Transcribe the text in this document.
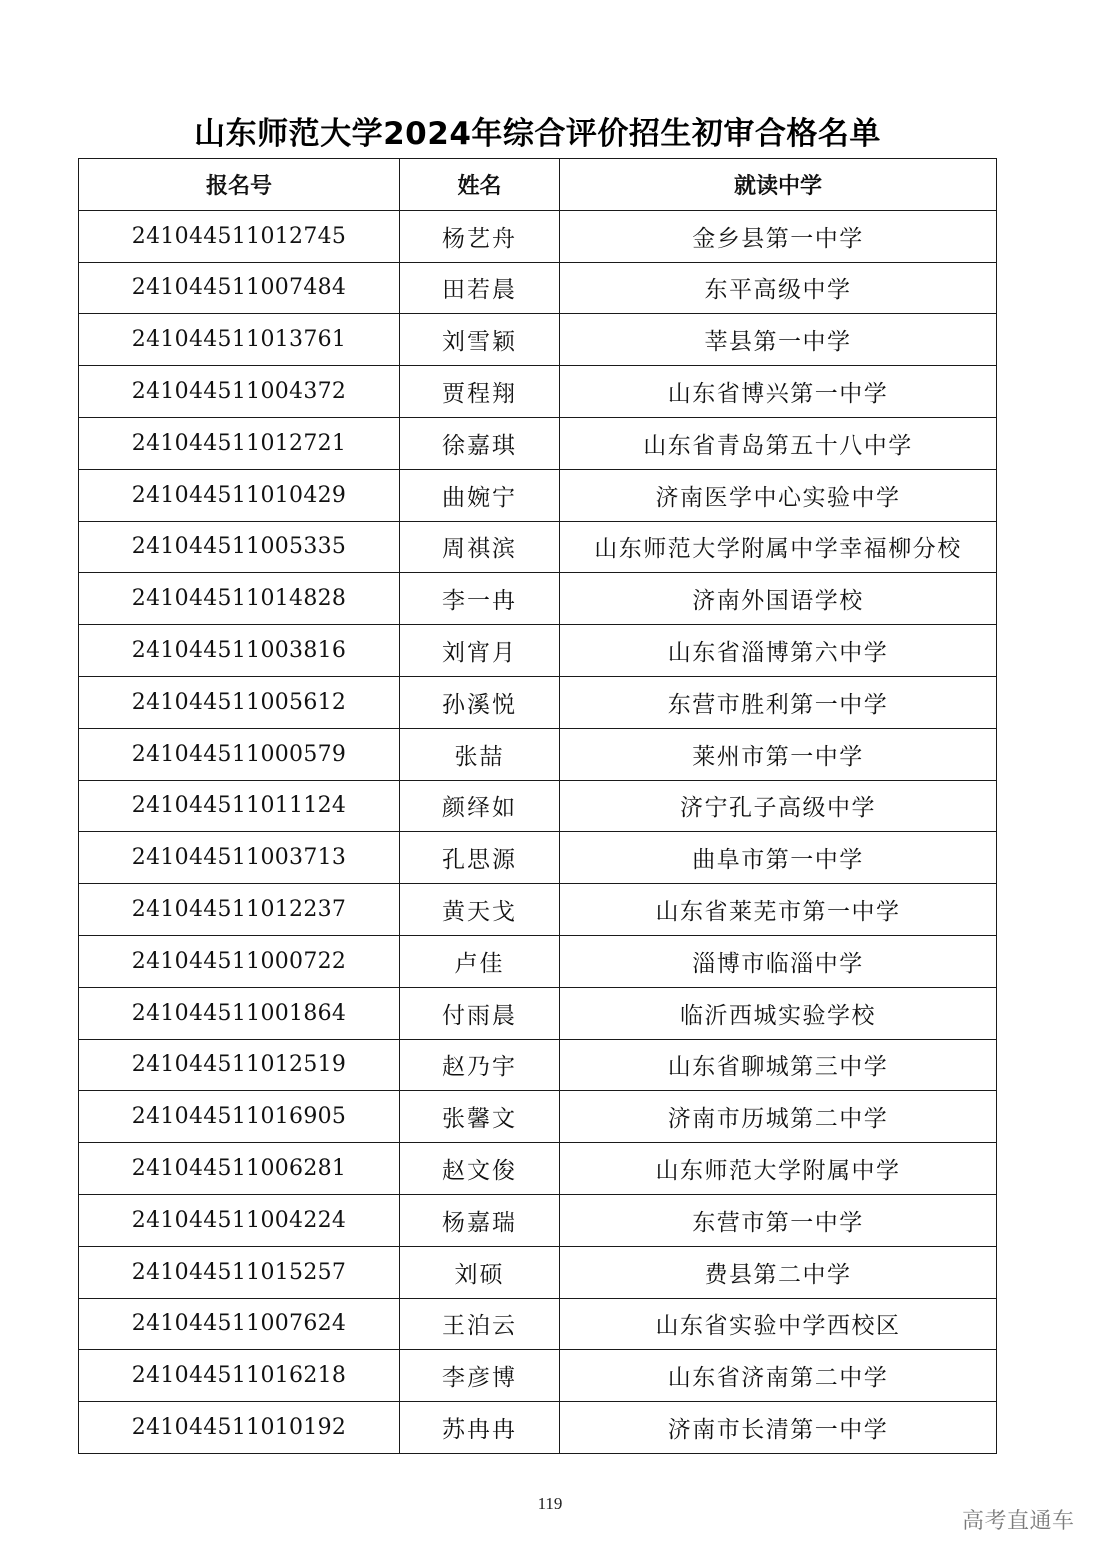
山东师范大学2024年综合评价招生初审合格名单
报名号	姓名	就读中学
241044511012745	杨艺舟	金乡县第一中学
241044511007484	田若晨	东平高级中学
241044511013761	刘雪颖	莘县第一中学
241044511004372	贾程翔	山东省博兴第一中学
241044511012721	徐嘉琪	山东省青岛第五十八中学
241044511010429	曲婉宁	济南医学中心实验中学
241044511005335	周祺滨	山东师范大学附属中学幸福柳分校
241044511014828	李一冉	济南外国语学校
241044511003816	刘宵月	山东省淄博第六中学
241044511005612	孙溪悦	东营市胜利第一中学
241044511000579	张喆	莱州市第一中学
241044511011124	颜绎如	济宁孔子高级中学
241044511003713	孔思源	曲阜市第一中学
241044511012237	黄天戈	山东省莱芜市第一中学
241044511000722	卢佳	淄博市临淄中学
241044511001864	付雨晨	临沂西城实验学校
241044511012519	赵乃宇	山东省聊城第三中学
241044511016905	张馨文	济南市历城第二中学
241044511006281	赵文俊	山东师范大学附属中学
241044511004224	杨嘉瑞	东营市第一中学
241044511015257	刘硕	费县第二中学
241044511007624	王泊云	山东省实验中学西校区
241044511016218	李彦博	山东省济南第二中学
241044511010192	苏冉冉	济南市长清第一中学
119
高考直通车
